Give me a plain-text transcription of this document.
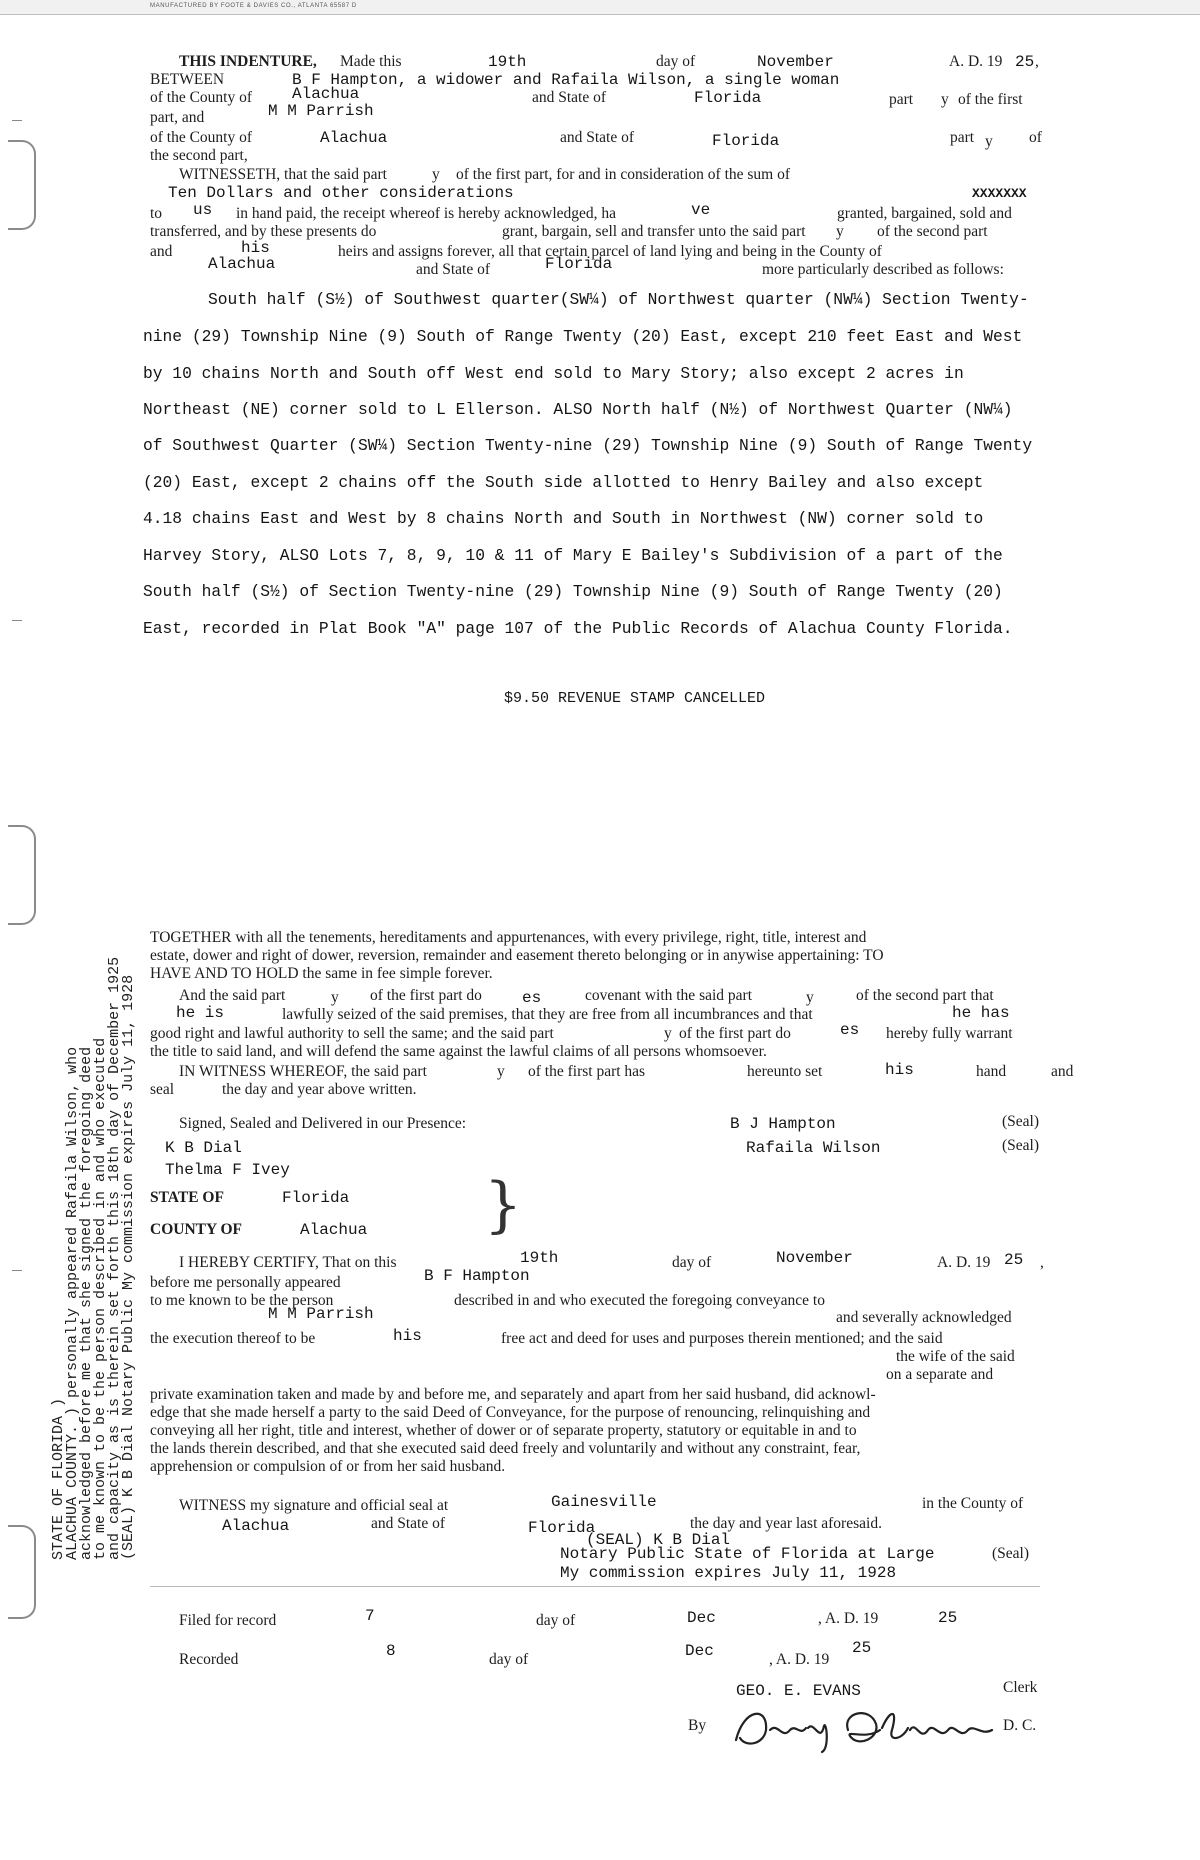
MANUFACTURED BY FOOTE & DAVIES CO., ATLANTA 65587 D
THIS INDENTURE, Made this	19th	day of	November	A. D. 19 25 ,
BETWEEN	B F Hampton, a widower and Rafaila Wilson, a single woman
Alachua
of the County of	and State of	Florida	part y of the first
M M Parrish
part, and
of the County of	Alachua	and State of	Florida	part y of
the second part,
WITNESSETH, that the said part	y of the first part, for and in consideration of the sum of
Ten Dollars and other considerations	XXXXXXX
to us in hand paid, the receipt whereof is hereby acknowledged, ha	ve	granted, bargained, sold and
transferred, and by these presents do	grant, bargain, sell and transfer unto the said part y of the second part
his
and	heirs and assigns forever, all that certain parcel of land lying and being in the County of
Alachua	Florida
and State of	more particularly described as follows:
South half (S½) of Southwest quarter(SW¼) of Northwest quarter (NW¼) Section Twenty-
nine (29) Township Nine (9) South of Range Twenty (20) East, except 210 feet East and West
by 10 chains North and South off West end sold to Mary Story; also except 2 acres in
Northeast (NE) corner sold to L Ellerson. ALSO North half (N½) of Northwest Quarter (NW¼)
of Southwest Quarter (SW¼) Section Twenty-nine (29) Township Nine (9) South of Range Twenty
(20) East, except 2 chains off the South side allotted to Henry Bailey and also except
4.18 chains East and West by 8 chains North and South in Northwest (NW) corner sold to
Harvey Story, ALSO Lots 7, 8, 9, 10 & 11 of Mary E Bailey's Subdivision of a part of the
South half (S½) of Section Twenty-nine (29) Township Nine (9) South of Range Twenty (20)
East, recorded in Plat Book "A" page 107 of the Public Records of Alachua County Florida.
$9.50 REVENUE STAMP CANCELLED
STATE OF FLORIDA )
ALACHUA COUNTY. ) personally appeared Rafaila Wilson, who
acknowledged before me that she signed the foregoing deed
to me known to be the person described in and who executed
and capacity as is therein set forth this 18th day of December 1925
(SEAL) K B Dial Notary Public My commission expires July 11, 1928
TOGETHER with all the tenements, hereditaments and appurtenances, with every privilege, right, title, interest and
estate, dower and right of dower, reversion, remainder and easement thereto belonging or in anywise appertaining: TO
HAVE AND TO HOLD the same in fee simple forever.
And the said part	y of the first part do	es	covenant with the said part	y	of the second part that
he is	lawfully seized of the said premises, that they are free from all incumbrances and that	he has
good right and lawful authority to sell the same; and the said part	y of the first part do	es hereby fully warrant
the title to said land, and will defend the same against the lawful claims of all persons whomsoever.
IN WITNESS WHEREOF, the said part	y of the first part has	hereunto set	his	hand	and
seal	the day and year above written.
Signed, Sealed and Delivered in our Presence:	B J Hampton	(Seal)
K B Dial	Rafaila Wilson	(Seal)
Thelma F Ivey
STATE OF	Florida }
COUNTY OF	Alachua
I HEREBY CERTIFY, That on this	19th	day of	November	A. D. 19 25 ,
B F Hampton
before me personally appeared
to me known to be the person	described in and who executed the foregoing conveyance to
M M Parrish	and severally acknowledged
the execution thereof to be	his	free act and deed for uses and purposes therein mentioned; and the said
the wife of the said
on a separate and
private examination taken and made by and before me, and separately and apart from her said husband, did acknowl-
edge that she made herself a party to the said Deed of Conveyance, for the purpose of renouncing, relinquishing and
conveying all her right, title and interest, whether of dower or of separate property, statutory or equitable in and to
the lands therein described, and that she executed said deed freely and voluntarily and without any constraint, fear,
apprehension or compulsion of or from her said husband.
WITNESS my signature and official seal at	Gainesville	in the County of
Alachua	and State of	Florida	the day and year last aforesaid.
(SEAL) K B Dial
Notary Public State of Florida at Large	(Seal)
My commission expires July 11, 1928
Filed for record	7	day of	Dec	, A. D. 19	25
Recorded	8	day of	Dec	, A. D. 19
25
GEO. E. EVANS	Clerk
By	D. C.
